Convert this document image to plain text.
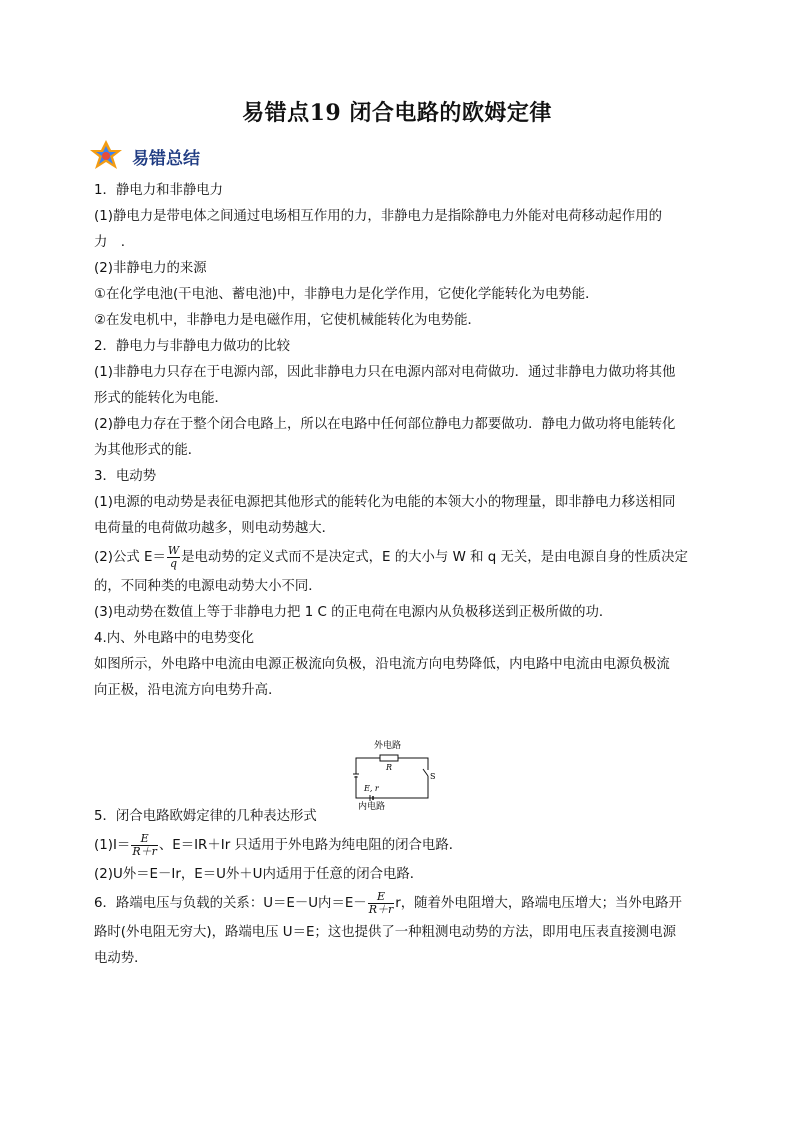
易错点19 闭合电路的欧姆定律
易错总结
1．静电力和非静电力
(1)静电力是带电体之间通过电场相互作用的力，非静电力是指除静电力外能对电荷移动起作用的
力　.
(2)非静电力的来源
①在化学电池(干电池、蓄电池)中，非静电力是化学作用，它使化学能转化为电势能．
②在发电机中，非静电力是电磁作用，它使机械能转化为电势能．
2．静电力与非静电力做功的比较
(1)非静电力只存在于电源内部，因此非静电力只在电源内部对电荷做功．通过非静电力做功将其他
形式的能转化为电能．
(2)静电力存在于整个闭合电路上，所以在电路中任何部位静电力都要做功．静电力做功将电能转化
为其他形式的能．
3．电动势
(1)电源的电动势是表征电源把其他形式的能转化为电能的本领大小的物理量，即非静电力移送相同
电荷量的电荷做功越多，则电动势越大．
(2)公式 $E= \frac{W}{q}$ 是电动势的定义式而不是决定式，E 的大小与 W 和 q 无关，是由电源自身的性质决定
的，不同种类的电源电动势大小不同．
(3)电动势在数值上等于非静电力把 1 C 的正电荷在电源内从负极移送到正极所做的功．
4.内、外电路中的电势变化
如图所示，外电路中电流由电源正极流向负极，沿电流方向电势降低，内电路中电流由电源负极流
向正极，沿电流方向电势升高．
5．闭合电路欧姆定律的几种表达形式
$(1)I= \frac{E}{R+r}$ 、E＝IR＋Ir 只适用于外电路为纯电阻的闭合电路．
(2)U外＝E－Ir，E＝U外＋U内适用于任意的闭合电路．
6．路端电压与负载的关系：U＝E－U内$=E- \frac{E}{R+r}$ r，随着外电阻增大，路端电压增大；当外电路开
路时(外电阻无穷大)，路端电压 U＝E；这也提供了一种粗测电动势的方法，即用电压表直接测电源
电动势．
外电路
R
S
E, r
内电路
